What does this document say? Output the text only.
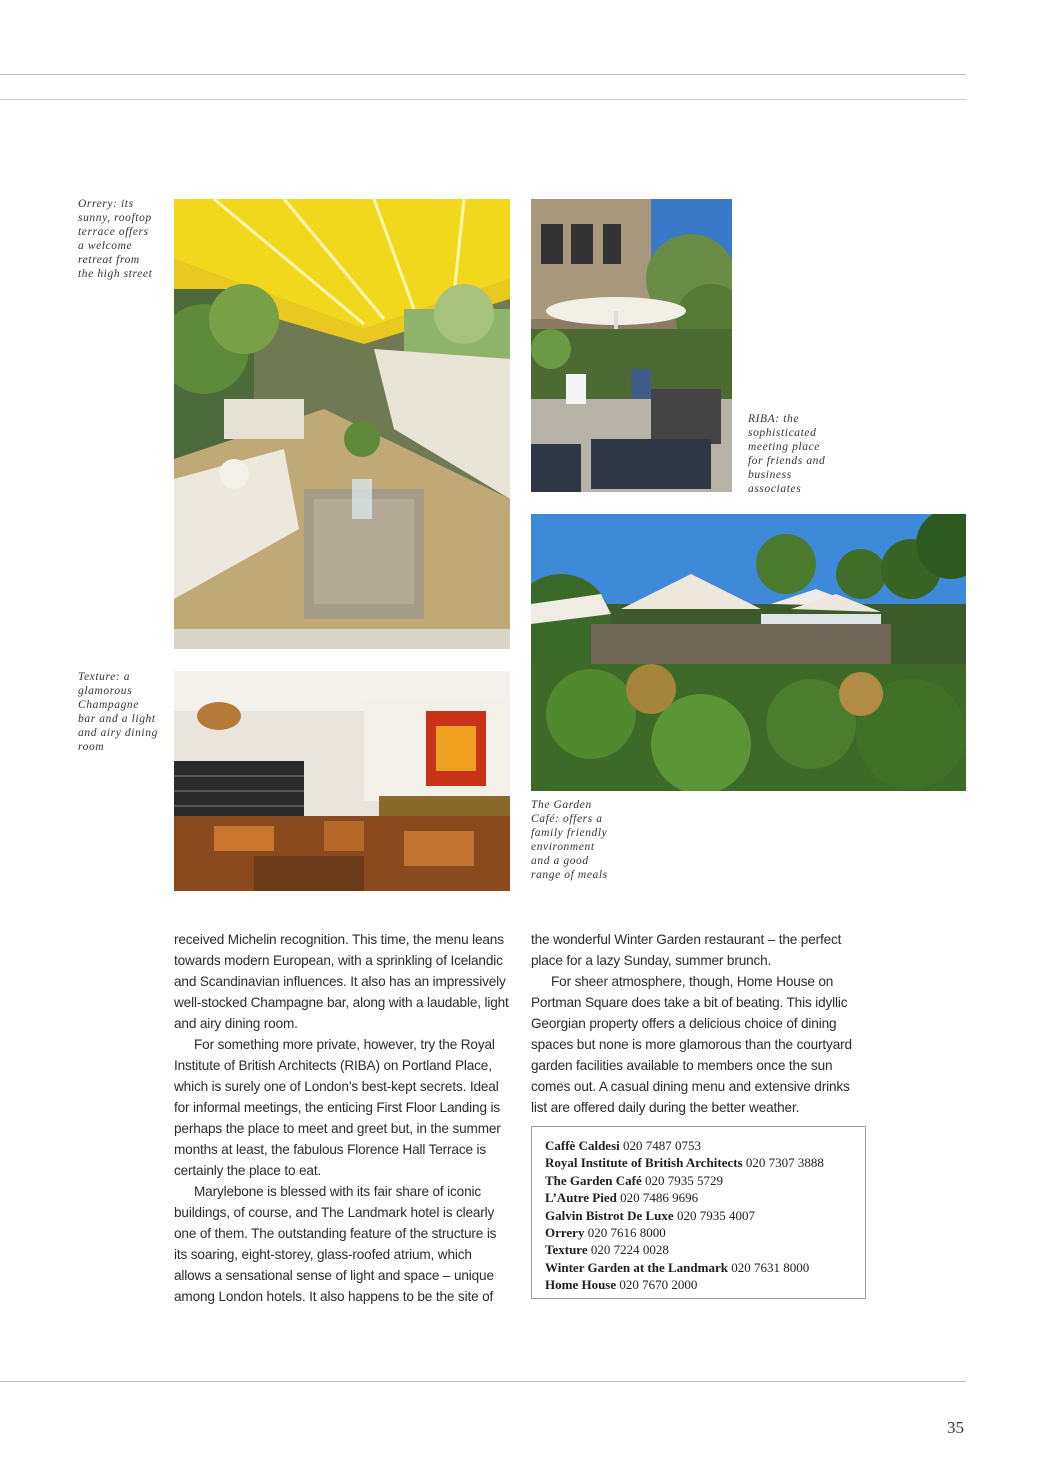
Orrery: its sunny, rooftop terrace offers a welcome retreat from the high street
RIBA: the sophisticated meeting place for friends and business associates
Texture: a glamorous Champagne bar and a light and airy dining room
The Garden Café: offers a family friendly environment and a good range of meals

received Michelin recognition. This time, the menu leans towards modern European, with a sprinkling of Icelandic and Scandinavian influences. It also has an impressively well-stocked Champagne bar, along with a laudable, light and airy dining room.

For something more private, however, try the Royal Institute of British Architects (RIBA) on Portland Place, which is surely one of London’s best-kept secrets. Ideal for informal meetings, the enticing First Floor Landing is perhaps the place to meet and greet but, in the summer months at least, the fabulous Florence Hall Terrace is certainly the place to eat.

Marylebone is blessed with its fair share of iconic buildings, of course, and The Landmark hotel is clearly one of them. The outstanding feature of the structure is its soaring, eight-storey, glass-roofed atrium, which allows a sensational sense of light and space – unique among London hotels. It also happens to be the site of

the wonderful Winter Garden restaurant – the perfect place for a lazy Sunday, summer brunch.

For sheer atmosphere, though, Home House on Portman Square does take a bit of beating. This idyllic Georgian property offers a delicious choice of dining spaces but none is more glamorous than the courtyard garden facilities available to members once the sun comes out. A casual dining menu and extensive drinks list are offered daily during the better weather.

Caffè Caldesi 020 7487 0753
Royal Institute of British Architects 020 7307 3888
The Garden Café 020 7935 5729
L’Autre Pied 020 7486 9696
Galvin Bistrot De Luxe 020 7935 4007
Orrery 020 7616 8000
Texture 020 7224 0028
Winter Garden at the Landmark 020 7631 8000
Home House 020 7670 2000
35
